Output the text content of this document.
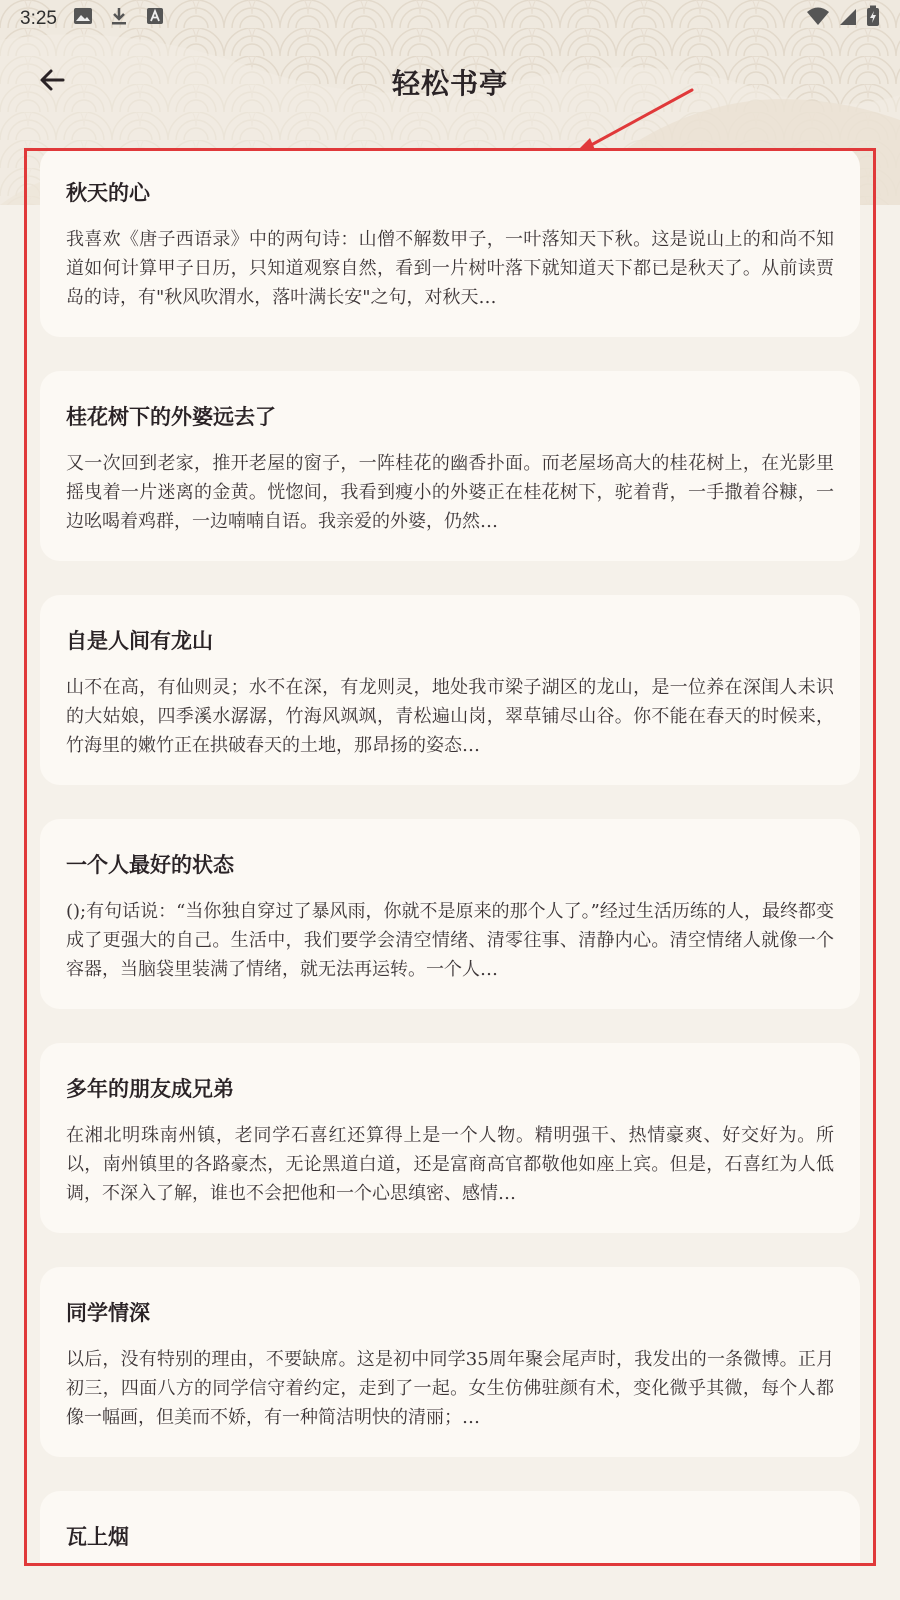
3:25
轻松书亭
秋天的心
我喜欢《唐子西语录》中的两句诗：山僧不解数甲子，一叶落知天下秋。这是说山上的和尚不知道如何计算甲子日历，只知道观察自然，看到一片树叶落下就知道天下都已是秋天了。从前读贾岛的诗，有"秋风吹渭水，落叶满长安"之句，对秋天…
桂花树下的外婆远去了
又一次回到老家，推开老屋的窗子，一阵桂花的幽香扑面。而老屋场高大的桂花树上，在光影里摇曳着一片迷离的金黄。恍惚间，我看到瘦小的外婆正在桂花树下，驼着背，一手撒着谷糠，一边吆喝着鸡群，一边喃喃自语。我亲爱的外婆，仍然…
自是人间有龙山
山不在高，有仙则灵；水不在深，有龙则灵，地处我市梁子湖区的龙山，是一位养在深闺人未识的大姑娘，四季溪水潺潺，竹海风飒飒，青松遍山岗，翠草铺尽山谷。你不能在春天的时候来，竹海里的嫩竹正在拱破春天的土地，那昂扬的姿态…
一个人最好的状态
();有句话说：“当你独自穿过了暴风雨，你就不是原来的那个人了。”经过生活历练的人，最终都变成了更强大的自己。生活中，我们要学会清空情绪、清零往事、清静内心。清空情绪人就像一个容器，当脑袋里装满了情绪，就无法再运转。一个人…
多年的朋友成兄弟
在湘北明珠南州镇，老同学石喜红还算得上是一个人物。精明强干、热情豪爽、好交好为。所以，南州镇里的各路豪杰，无论黑道白道，还是富商高官都敬他如座上宾。但是，石喜红为人低调，不深入了解，谁也不会把他和一个心思缜密、感情…
同学情深
以后，没有特别的理由，不要缺席。这是初中同学35周年聚会尾声时，我发出的一条微博。正月初三，四面八方的同学信守着约定，走到了一起。女生仿佛驻颜有术，变化微乎其微，每个人都像一幅画，但美而不娇，有一种简洁明快的清丽；…
瓦上烟
